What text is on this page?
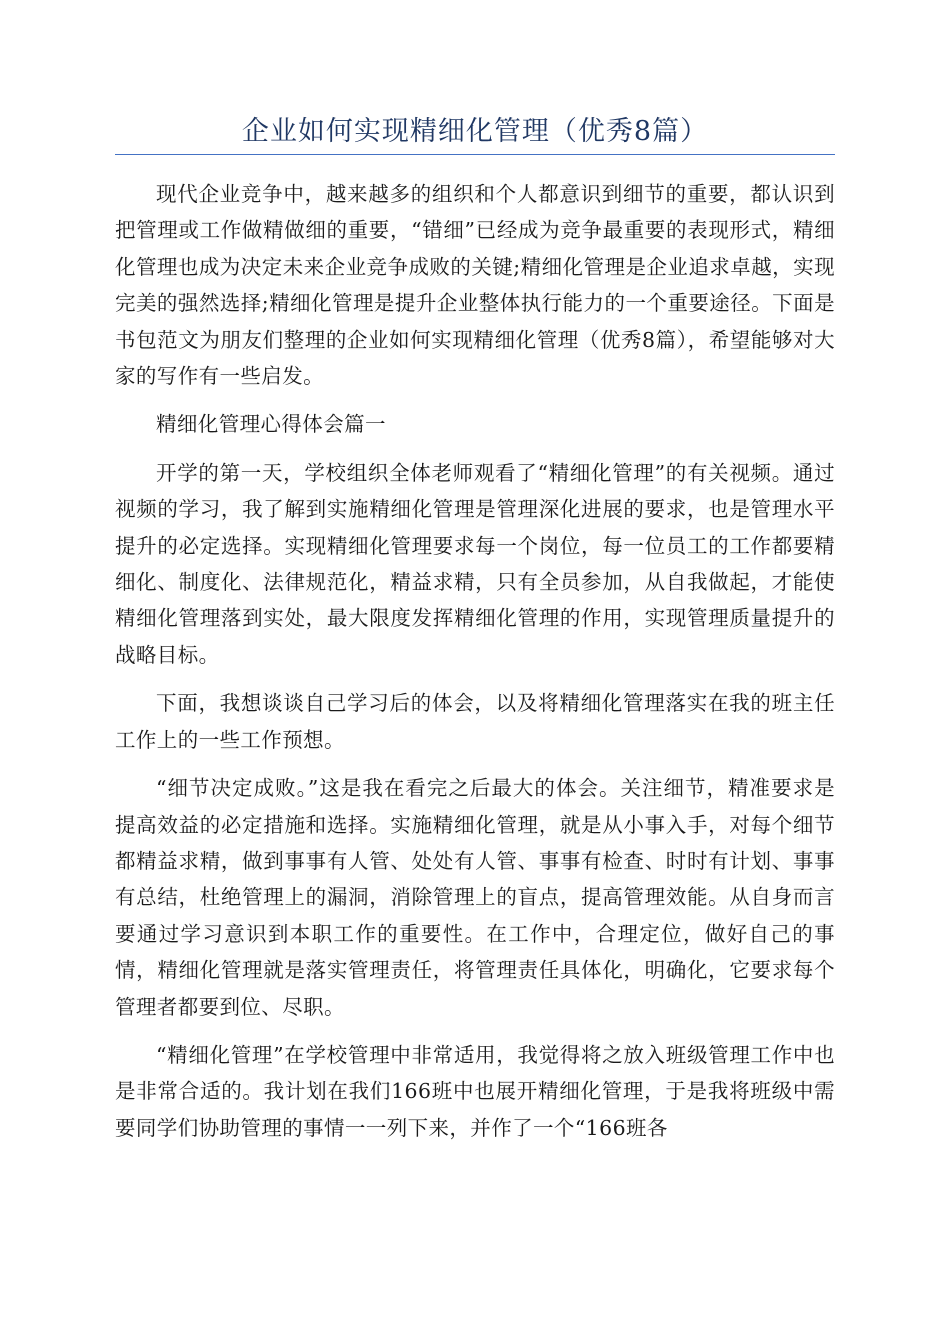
企业如何实现精细化管理（优秀8篇）

现代企业竞争中，越来越多的组织和个人都意识到细节的重要，都认识到把管理或工作做精做细的重要，“错细”已经成为竞争最重要的表现形式，精细化管理也成为决定未来企业竞争成败的关键;精细化管理是企业追求卓越，实现完美的强然选择;精细化管理是提升企业整体执行能力的一个重要途径。下面是书包范文为朋友们整理的企业如何实现精细化管理（优秀8篇），希望能够对大家的写作有一些启发。

精细化管理心得体会篇一

开学的第一天，学校组织全体老师观看了“精细化管理”的有关视频。通过视频的学习，我了解到实施精细化管理是管理深化进展的要求，也是管理水平提升的必定选择。实现精细化管理要求每一个岗位，每一位员工的工作都要精细化、制度化、法律规范化，精益求精，只有全员参加，从自我做起，才能使精细化管理落到实处，最大限度发挥精细化管理的作用，实现管理质量提升的战略目标。

下面，我想谈谈自己学习后的体会，以及将精细化管理落实在我的班主任工作上的一些工作预想。

“细节决定成败。”这是我在看完之后最大的体会。关注细节，精准要求是提高效益的必定措施和选择。实施精细化管理，就是从小事入手，对每个细节都精益求精，做到事事有人管、处处有人管、事事有检查、时时有计划、事事有总结，杜绝管理上的漏洞，消除管理上的盲点，提高管理效能。从自身而言要通过学习意识到本职工作的重要性。在工作中，合理定位，做好自己的事情，精细化管理就是落实管理责任，将管理责任具体化，明确化，它要求每个管理者都要到位、尽职。

“精细化管理”在学校管理中非常适用，我觉得将之放入班级管理工作中也是非常合适的。我计划在我们166班中也展开精细化管理，于是我将班级中需要同学们协助管理的事情一一列下来，并作了一个“166班各
